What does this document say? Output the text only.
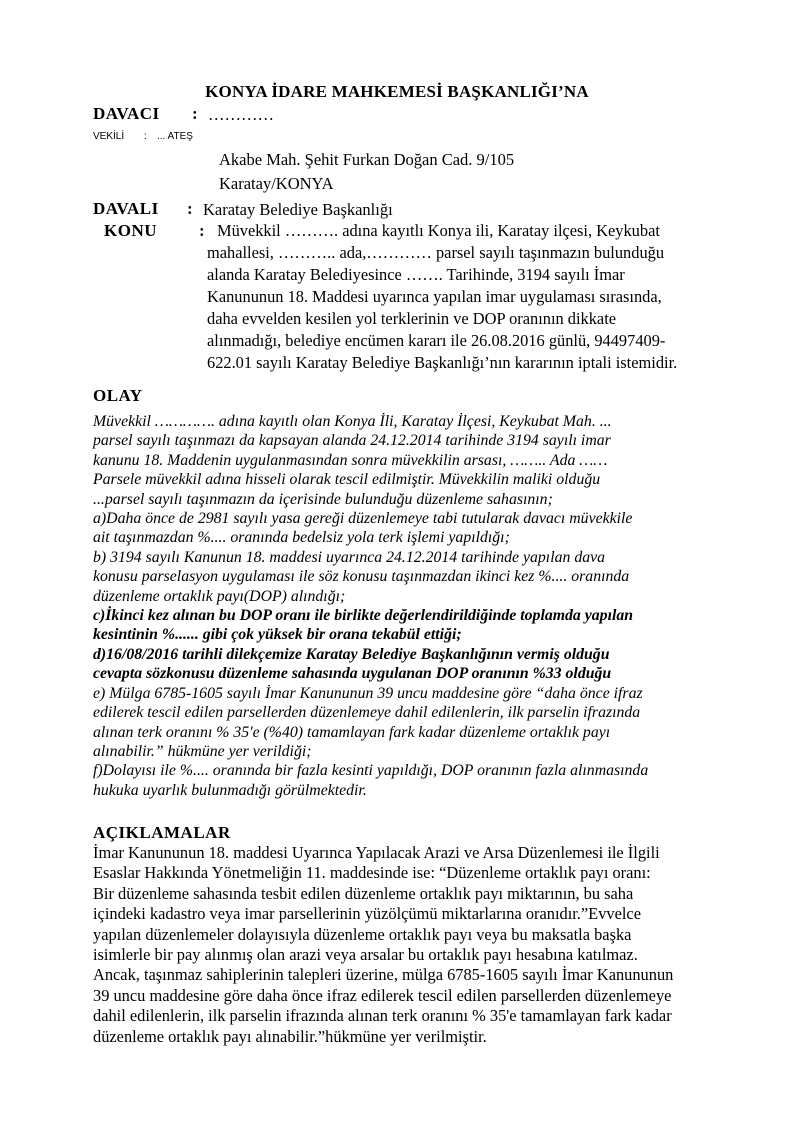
KONYA İDARE MAHKEMESİ BAŞKANLIĞI’NA
DAVACI : …………
VEKİLİ : ... ATEŞ
Akabe Mah. Şehit Furkan Doğan Cad. 9/105
Karatay/KONYA
DAVALI : Karatay Belediye Başkanlığı
KONU : Müvekkil ………. adına kayıtlı Konya ili, Karatay ilçesi, Keykubat
mahallesi, ……….. ada,………… parsel sayılı taşınmazın bulunduğu
alanda Karatay Belediyesince ……. Tarihinde, 3194 sayılı İmar
Kanununun 18. Maddesi uyarınca yapılan imar uygulaması sırasında,
daha evvelden kesilen yol terklerinin ve DOP oranının dikkate
alınmadığı, belediye encümen kararı ile 26.08.2016 günlü, 94497409-
622.01 sayılı Karatay Belediye Başkanlığı’nın kararının iptali istemidir.
OLAY
Müvekkil …………. adına kayıtlı olan Konya İli, Karatay İlçesi, Keykubat Mah. ...
parsel sayılı taşınmazı da kapsayan alanda 24.12.2014 tarihinde 3194 sayılı imar
kanunu 18. Maddenin uygulanmasından sonra müvekkilin arsası, …….. Ada ……
Parsele müvekkil adına hisseli olarak tescil edilmiştir. Müvekkilin maliki olduğu
...parsel sayılı taşınmazın da içerisinde bulunduğu düzenleme sahasının;
a)Daha önce de 2981 sayılı yasa gereği düzenlemeye tabi tutularak davacı müvekkile
ait taşınmazdan %.... oranında bedelsiz yola terk işlemi yapıldığı;
b) 3194 sayılı Kanunun 18. maddesi uyarınca 24.12.2014 tarihinde yapılan dava
konusu parselasyon uygulaması ile söz konusu taşınmazdan ikinci kez %.... oranında
düzenleme ortaklık payı(DOP) alındığı;
c)İkinci kez alınan bu DOP oranı ile birlikte değerlendirildiğinde toplamda yapılan
kesintinin %...... gibi çok yüksek bir orana tekabül ettiği;
d)16/08/2016 tarihli dilekçemize Karatay Belediye Başkanlığının vermiş olduğu
cevapta sözkonusu düzenleme sahasında uygulanan DOP oranının %33 olduğu
e) Mülga 6785-1605 sayılı İmar Kanununun 39 uncu maddesine göre “daha önce ifraz
edilerek tescil edilen parsellerden düzenlemeye dahil edilenlerin, ilk parselin ifrazında
alınan terk oranını % 35'e (%40) tamamlayan fark kadar düzenleme ortaklık payı
alınabilir.” hükmüne yer verildiği;
f)Dolayısı ile %.... oranında bir fazla kesinti yapıldığı, DOP oranının fazla alınmasında
hukuka uyarlık bulunmadığı görülmektedir.
AÇIKLAMALAR
İmar Kanununun 18. maddesi Uyarınca Yapılacak Arazi ve Arsa Düzenlemesi ile İlgili
Esaslar Hakkında Yönetmeliğin 11. maddesinde ise: “Düzenleme ortaklık payı oranı:
Bir düzenleme sahasında tesbit edilen düzenleme ortaklık payı miktarının, bu saha
içindeki kadastro veya imar parsellerinin yüzölçümü miktarlarına oranıdır.”Evvelce
yapılan düzenlemeler dolayısıyla düzenleme ortaklık payı veya bu maksatla başka
isimlerle bir pay alınmış olan arazi veya arsalar bu ortaklık payı hesabına katılmaz.
Ancak, taşınmaz sahiplerinin talepleri üzerine, mülga 6785-1605 sayılı İmar Kanununun
39 uncu maddesine göre daha önce ifraz edilerek tescil edilen parsellerden düzenlemeye
dahil edilenlerin, ilk parselin ifrazında alınan terk oranını % 35'e tamamlayan fark kadar
düzenleme ortaklık payı alınabilir.”hükmüne yer verilmiştir.
